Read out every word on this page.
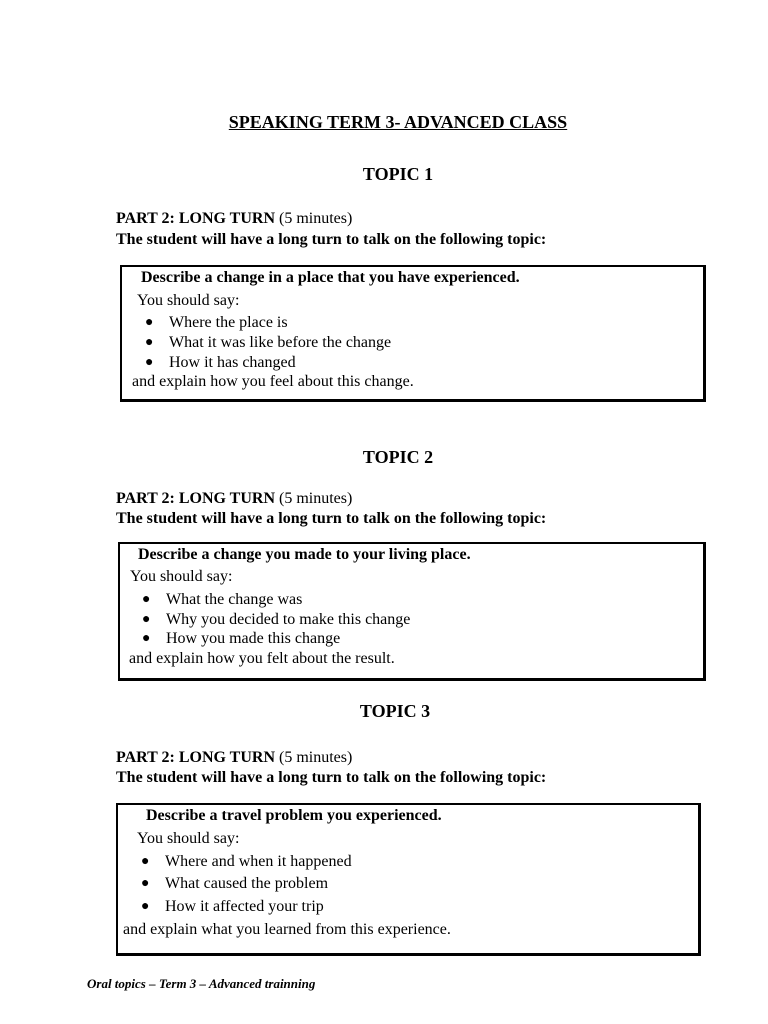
SPEAKING TERM 3- ADVANCED CLASS
TOPIC 1
PART 2: LONG TURN (5 minutes)
The student will have a long turn to talk on the following topic:
Describe a change in a place that you have experienced.
You should say:
● Where the place is
● What it was like before the change
● How it has changed
and explain how you feel about this change.
TOPIC 2
PART 2: LONG TURN (5 minutes)
The student will have a long turn to talk on the following topic:
Describe a change you made to your living place.
You should say:
● What the change was
● Why you decided to make this change
● How you made this change
and explain how you felt about the result.
TOPIC 3
PART 2: LONG TURN (5 minutes)
The student will have a long turn to talk on the following topic:
Describe a travel problem you experienced.
You should say:
● Where and when it happened
● What caused the problem
● How it affected your trip
and explain what you learned from this experience.
Oral topics – Term 3 – Advanced trainning
